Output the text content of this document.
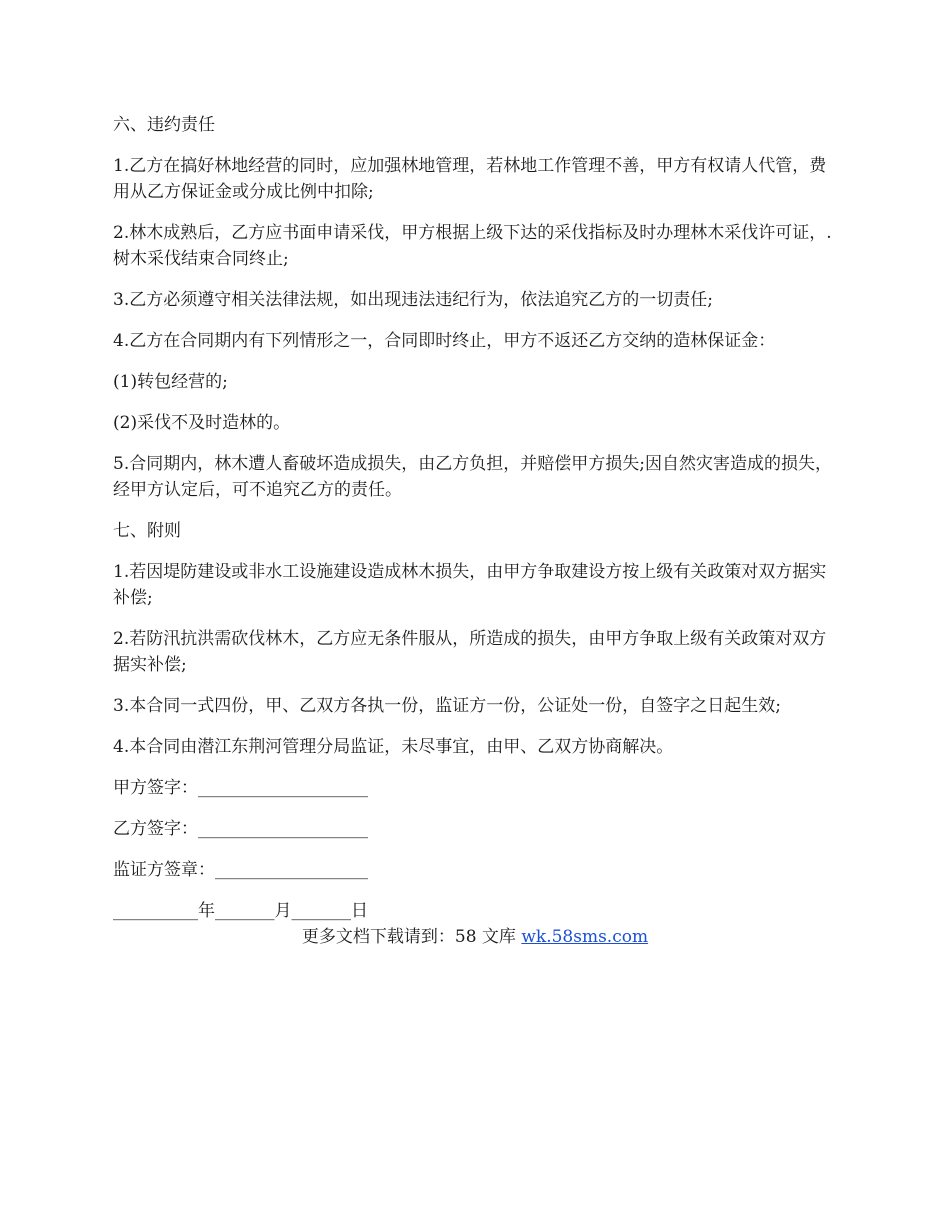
六、违约责任

1.乙方在搞好林地经营的同时，应加强林地管理，若林地工作管理不善，甲方有权请人代管，费用从乙方保证金或分成比例中扣除;

2.林木成熟后，乙方应书面申请采伐，甲方根据上级下达的采伐指标及时办理林木采伐许可证，.树木采伐结束合同终止;

3.乙方必须遵守相关法律法规，如出现违法违纪行为，依法追究乙方的一切责任;

4.乙方在合同期内有下列情形之一，合同即时终止，甲方不返还乙方交纳的造林保证金：

(1)转包经营的;

(2)采伐不及时造林的。

5.合同期内，林木遭人畜破坏造成损失，由乙方负担，并赔偿甲方损失;因自然灾害造成的损失，经甲方认定后，可不追究乙方的责任。

七、附则

1.若因堤防建设或非水工设施建设造成林木损失，由甲方争取建设方按上级有关政策对双方据实补偿;

2.若防汛抗洪需砍伐林木，乙方应无条件服从，所造成的损失，由甲方争取上级有关政策对双方据实补偿;

3.本合同一式四份，甲、乙双方各执一份，监证方一份，公证处一份，自签字之日起生效;

4.本合同由潜江东荆河管理分局监证，未尽事宜，由甲、乙双方协商解决。

甲方签字：____________________

乙方签字：____________________

监证方签章：__________________

__________年_______月_______日

更多文档下载请到：58 文库 wk.58sms.com
